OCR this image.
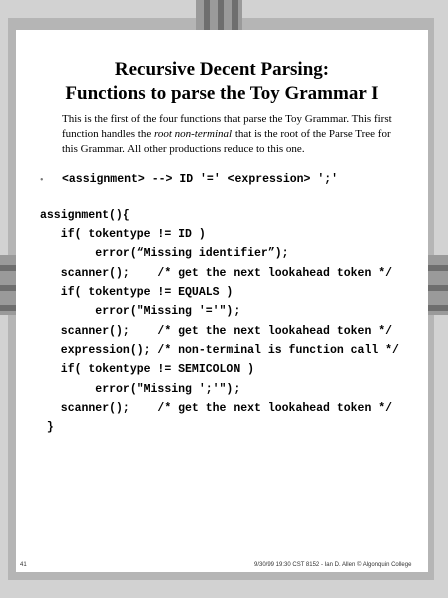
Recursive Decent Parsing:
Functions to parse the Toy Grammar I

This is the first of the four functions that parse the Toy Grammar. This first function handles the root non-terminal that is the root of the Parse Tree for this Grammar. All other productions reduce to this one.

• <assignment> --> ID '=' <expression> ';'
assignment(){
if( tokentype != ID )
error(“Missing identifier”);
scanner();    /* get the next lookahead token */
if( tokentype != EQUALS )
error("Missing '='");
scanner();    /* get the next lookahead token */
expression(); /* non-terminal is function call */
if( tokentype != SEMICOLON )
error("Missing ';'");
scanner();    /* get the next lookahead token */
}
41	9/30/99 19:30 CST 8152 - Ian D. Allen © Algonquin College
